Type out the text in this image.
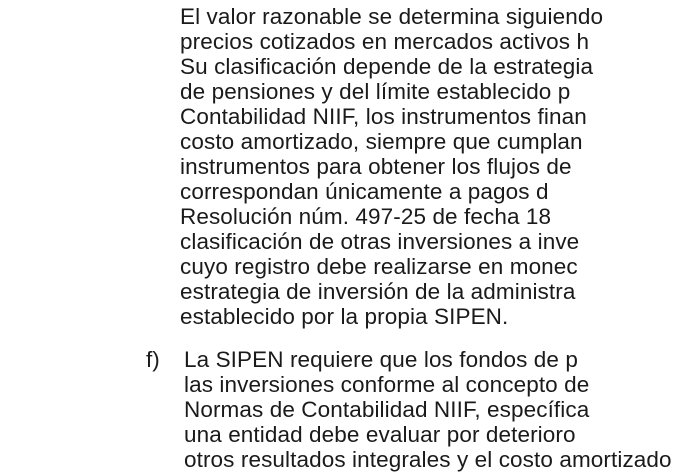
El valor razonable se determina siguiendo
precios cotizados en mercados activos h
Su clasificación depende de la estrategia
de pensiones y del límite establecido p
Contabilidad NIIF, los instrumentos finan
costo amortizado, siempre que cumplan
instrumentos para obtener los flujos de
correspondan únicamente a pagos d
Resolución núm. 497-25 de fecha 18
clasificación de otras inversiones a inve
cuyo registro debe realizarse en monec
estrategia de inversión de la administra
establecido por la propia SIPEN.
f) La SIPEN requiere que los fondos de p
las inversiones conforme al concepto de
Normas de Contabilidad NIIF, específica
una entidad debe evaluar por deterioro
otros resultados integrales y el costo amortizado
